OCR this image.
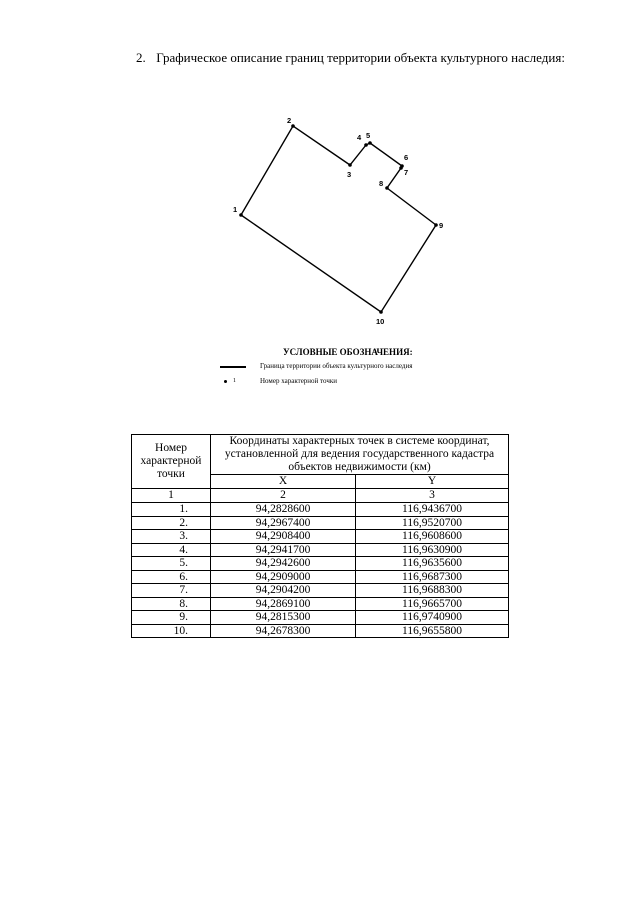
2. Графическое описание границ территории объекта культурного наследия:
1
2
3
4 5
6
7
8
9
10
УСЛОВНЫЕ ОБОЗНАЧЕНИЯ:
Граница территории объекта культурного наследия
1	Номер характерной точки
Номер характерной точки	Координаты характерных точек в системе координат, установленной для ведения государственного кадастра объектов недвижимости (км)	
	X	Y
1	2	3
1.	94,2828600	116,9436700
2.	94,2967400	116,9520700
3.	94,2908400	116,9608600
4.	94,2941700	116,9630900
5.	94,2942600	116,9635600
6.	94,2909000	116,9687300
7.	94,2904200	116,9688300
8.	94,2869100	116,9665700
9.	94,2815300	116,9740900
10.	94,2678300	116,9655800
